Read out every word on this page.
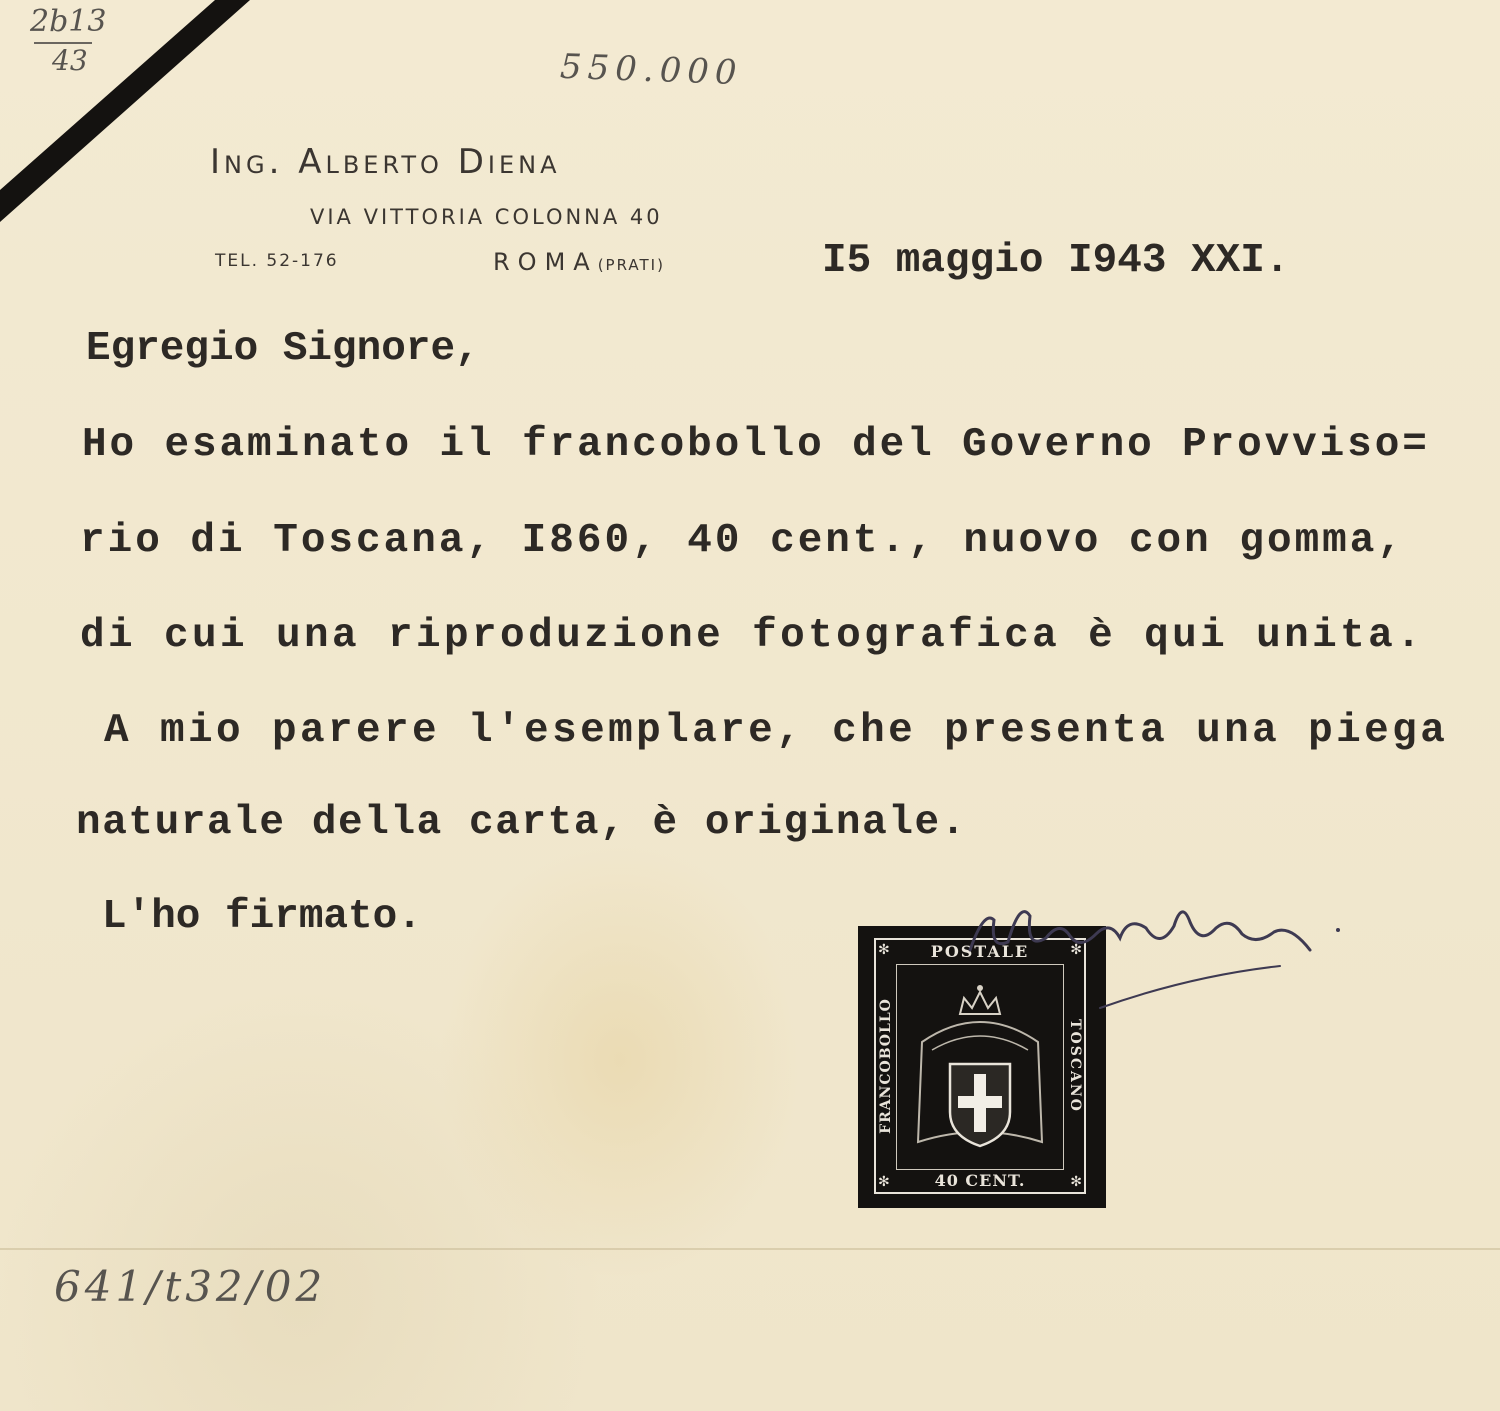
2b13
43	550.000
Ing. Alberto Diena
VIA VITTORIA COLONNA 40
TEL. 52-176	ROMA(PRATI)	I5 maggio I943 XXI.
Egregio Signore,
Ho esaminato il francobollo del Governo Provviso=
rio di Toscana, I860, 40 cent., nuovo con gomma,
di cui una riproduzione fotografica è qui unita.
A mio parere l'esemplare, che presenta una piega
naturale della carta, è originale.
L'ho firmato.
✻	✻
✻	✻
POSTALE
FRANCOBOLLO	TOSCANO
40 CENT.
641/t32/02
